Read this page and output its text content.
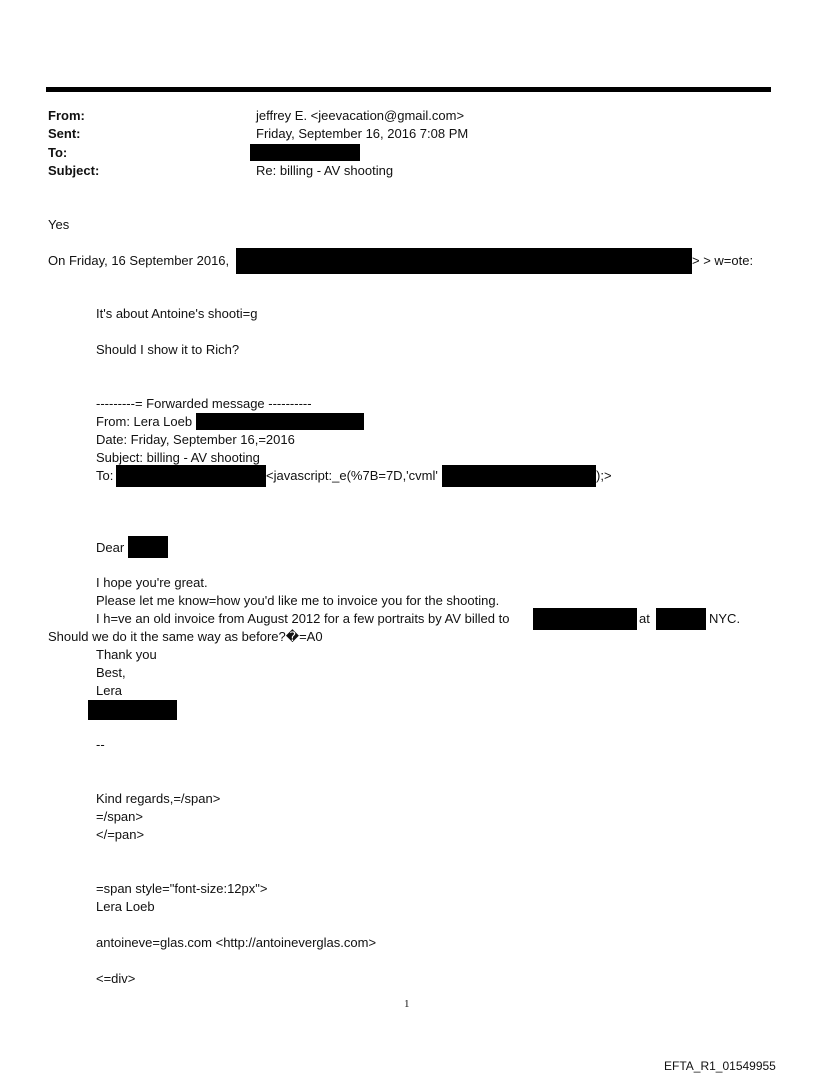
From:	jeffrey E. <jeevacation@gmail.com>
Sent:	Friday, September 16, 2016 7:08 PM
To:
Subject:	Re: billing - AV shooting
Yes
On Friday, 16 September 2016,	> > w=ote:
It's about Antoine's shooti=g
Should I show it to Rich?
---------= Forwarded message ----------
From: Lera Loeb
Date: Friday, September 16,=2016
Subject: billing - AV shooting
To:	<javascript:_e(%7B=7D,'cvml'	);>
Dear
I hope you're great.
Please let me know=how you'd like me to invoice you for the shooting.
I h=ve an old invoice from August 2012 for a few portraits by AV billed to	at	NYC.
Should we do it the same way as before?�=A0
Thank you
Best,
Lera
--
Kind regards,=/span>
=/span>
</=pan>
=span style="font-size:12px">
Lera Loeb
antoineve=glas.com <http://antoineverglas.com>
<=div>
1
EFTA_R1_01549955
